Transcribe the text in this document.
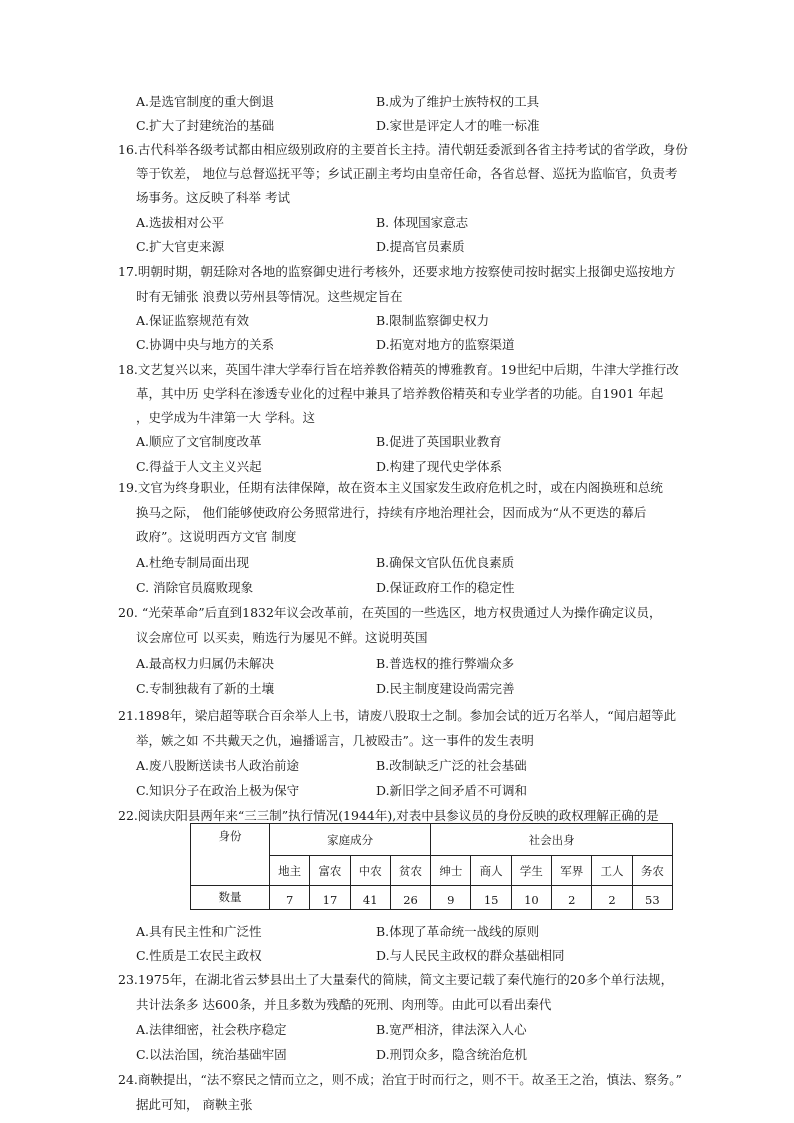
A.是选官制度的重大倒退	B.成为了维护士族特权的工具
C.扩大了封建统治的基础	D.家世是评定人才的唯一标准
16.古代科举各级考试都由相应级别政府的主要首长主持。清代朝廷委派到各省主持考试的省学政，身份
等于钦差， 地位与总督巡抚平等；乡试正副主考均由皇帝任命，各省总督、巡抚为监临官，负责考
场事务。这反映了科举 考试
A.选拔相对公平	B. 体现国家意志
C.扩大官吏来源	D.提高官员素质
17.明朝时期，朝廷除对各地的监察御史进行考核外，还要求地方按察使司按时据实上报御史巡按地方
时有无铺张 浪费以劳州县等情况。这些规定旨在
A.保证监察规范有效	B.限制监察御史权力
C.协调中央与地方的关系	D.拓宽对地方的监察渠道
18.文艺复兴以来，英国牛津大学奉行旨在培养教俗精英的博雅教育。19世纪中后期，牛津大学推行改
革，其中历 史学科在渗透专业化的过程中兼具了培养教俗精英和专业学者的功能。自1901 年起
，史学成为牛津第一大 学科。这
A.顺应了文官制度改革	B.促进了英国职业教育
C.得益于人文主义兴起	D.构建了现代史学体系
19.文官为终身职业，任期有法律保障，故在资本主义国家发生政府危机之时，或在内阁换班和总统
换马之际， 他们能够使政府公务照常进行，持续有序地治理社会，因而成为“从不更迭的幕后
政府”。这说明西方文官 制度
A.杜绝专制局面出现	B.确保文官队伍优良素质
C. 消除官员腐败现象	D.保证政府工作的稳定性
20. “光荣革命”后直到1832年议会改革前，在英国的一些选区，地方权贵通过人为操作确定议员，
议会席位可 以买卖，贿选行为屡见不鲜。这说明英国
A.最高权力归属仍未解决	B.普选权的推行弊端众多
C.专制独裁有了新的土壤	D.民主制度建设尚需完善
21.1898年，梁启超等联合百余举人上书，请废八股取士之制。参加会试的近万名举人，“闻启超等此
举，嫉之如 不共戴天之仇，遍播谣言，几被殴击”。这一事件的发生表明
A.废八股断送读书人政治前途	B.改制缺乏广泛的社会基础
C.知识分子在政治上极为保守	D.新旧学之间矛盾不可调和
22.阅读庆阳县两年来“三三制”执行情况(1944年),对表中县参议员的身份反映的政权理解正确的是
身份	家庭成分				社会出身					
	地主	富农	中农	贫农	绅士	商人	学生	军界	工人	务农
数量	7	17	41	26	9	15	10	2	2	53
A.具有民主性和广泛性	B.体现了革命统一战线的原则
C.性质是工农民主政权	D.与人民民主政权的群众基础相同
23.1975年，在湖北省云梦县出土了大量秦代的简牍，简文主要记载了秦代施行的20多个单行法规，
共计法条多 达600条，并且多数为残酷的死刑、肉刑等。由此可以看出秦代
A.法律细密，社会秩序稳定	B.宽严相济，律法深入人心
C.以法治国，统治基础牢固	D.刑罚众多，隐含统治危机
24.商鞅提出，“法不察民之情而立之，则不成；治宜于时而行之，则不干。故圣王之治，慎法、察务。”
据此可知， 商鞅主张
